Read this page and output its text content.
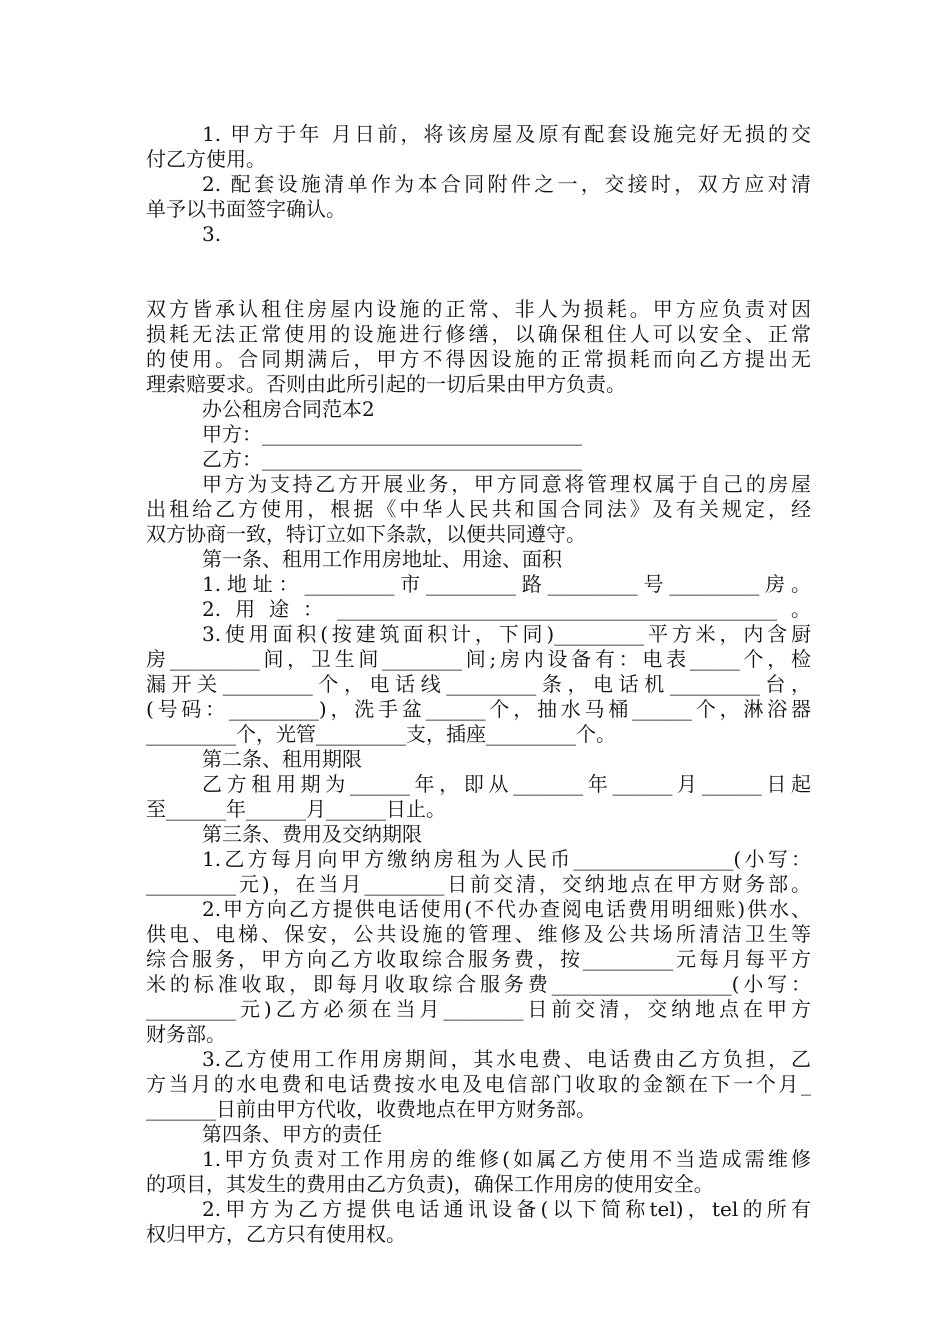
1. 甲方于年 月日前，将该房屋及原有配套设施完好无损的交
付乙方使用。
2. 配套设施清单作为本合同附件之一，交接时，双方应对清
单予以书面签字确认。
3.
双方皆承认租住房屋内设施的正常、非人为损耗。甲方应负责对因
损耗无法正常使用的设施进行修缮，以确保租住人可以安全、正常
的使用。合同期满后，甲方不得因设施的正常损耗而向乙方提出无
理索赔要求。否则由此所引起的一切后果由甲方负责。
办公租房合同范本2
甲方：________________________________
乙方：________________________________
甲方为支持乙方开展业务，甲方同意将管理权属于自己的房屋
出租给乙方使用，根据《中华人民共和国合同法》及有关规定，经
双方协商一致，特订立如下条款，以便共同遵守。
第一条、租用工作用房地址、用途、面积
1.地址：_________市_________路_________号_________房。
2.用途：____________________________________________。
3.使用面积(按建筑面积计，下同)_________平方米，内含厨
房_________间，卫生间________间;房内设备有：电表_____个，检
漏开关_________个，电话线_________条，电话机_________台，
(号码：_________)，洗手盆______个，抽水马桶______个，淋浴器
_________个，光管_________支，插座_________个。
第二条、租用期限
乙方租用期为______年，即从_______年______月______日起
至______年______月______日止。
第三条、费用及交纳期限
1.乙方每月向甲方缴纳房租为人民币________________(小写：
_________元)，在当月________日前交清，交纳地点在甲方财务部。
2.甲方向乙方提供电话使用(不代办查阅电话费用明细账)供水、
供电、电梯、保安，公共设施的管理、维修及公共场所清洁卫生等
综合服务，甲方向乙方收取综合服务费，按_________元每月每平方
米的标准收取，即每月收取综合服务费__________________(小写：
_________元)乙方必须在当月________日前交清，交纳地点在甲方
财务部。
3.乙方使用工作用房期间，其水电费、电话费由乙方负担，乙
方当月的水电费和电话费按水电及电信部门收取的金额在下一个月_
_______日前由甲方代收，收费地点在甲方财务部。
第四条、甲方的责任
1.甲方负责对工作用房的维修(如属乙方使用不当造成需维修
的项目，其发生的费用由乙方负责)，确保工作用房的使用安全。
2.甲方为乙方提供电话通讯设备(以下简称tel)，tel的所有
权归甲方，乙方只有使用权。
